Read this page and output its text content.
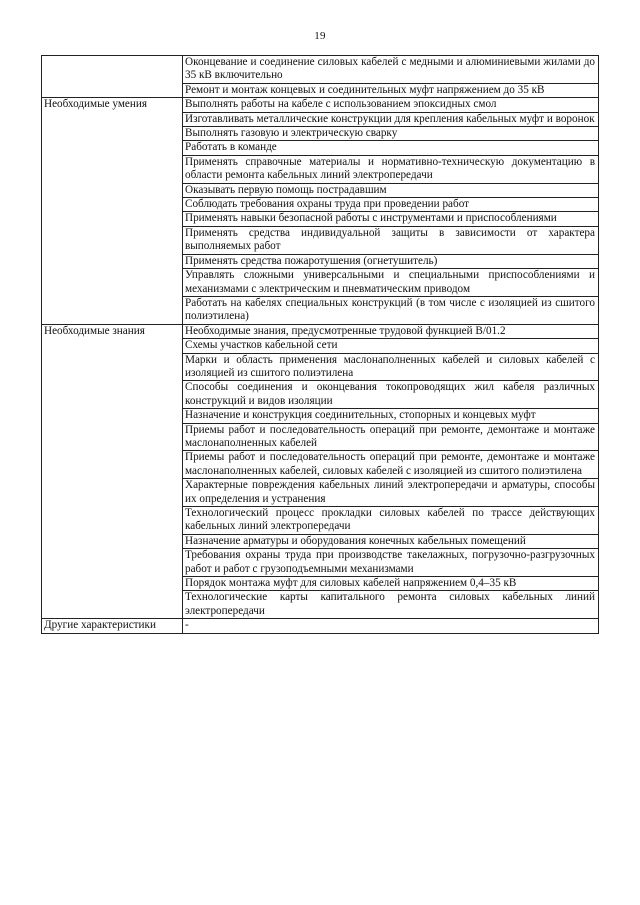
19
	Оконцевание и соединение силовых кабелей с медными и алюминиевыми жилами до 35 кВ включительно
	Ремонт и монтаж концевых и соединительных муфт напряжением до 35 кВ
Необходимые умения	Выполнять работы на кабеле с использованием эпоксидных смол
	Изготавливать металлические конструкции для крепления кабельных муфт и воронок
	Выполнять газовую и электрическую сварку
	Работать в команде
	Применять справочные материалы и нормативно-техническую документацию в области ремонта кабельных линий электропередачи
	Оказывать первую помощь пострадавшим
	Соблюдать требования охраны труда при проведении работ
	Применять навыки безопасной работы с инструментами и приспособлениями
	Применять средства индивидуальной защиты в зависимости от характера выполняемых работ
	Применять средства пожаротушения (огнетушитель)
	Управлять сложными универсальными и специальными приспособлениями и механизмами с электрическим и пневматическим приводом
	Работать на кабелях специальных конструкций (в том числе с изоляцией из сшитого полиэтилена)
Необходимые знания	Необходимые знания, предусмотренные трудовой функцией B/01.2
	Схемы участков кабельной сети
	Марки и область применения маслонаполненных кабелей и силовых кабелей с изоляцией из сшитого полиэтилена
	Способы соединения и оконцевания токопроводящих жил кабеля различных конструкций и видов изоляции
	Назначение и конструкция соединительных, стопорных и концевых муфт
	Приемы работ и последовательность операций при ремонте, демонтаже и монтаже маслонаполненных кабелей
	Приемы работ и последовательность операций при ремонте, демонтаже и монтаже маслонаполненных кабелей, силовых кабелей с изоляцией из сшитого полиэтилена
	Характерные повреждения кабельных линий электропередачи и арматуры, способы их определения и устранения
	Технологический процесс прокладки силовых кабелей по трассе действующих кабельных линий электропередачи
	Назначение арматуры и оборудования конечных кабельных помещений
	Требования охраны труда при производстве такелажных, погрузочно-разгрузочных работ и работ с грузоподъемными механизмами
	Порядок монтажа муфт для силовых кабелей напряжением 0,4–35 кВ
	Технологические карты капитального ремонта силовых кабельных линий электропередачи
Другие характеристики	-
